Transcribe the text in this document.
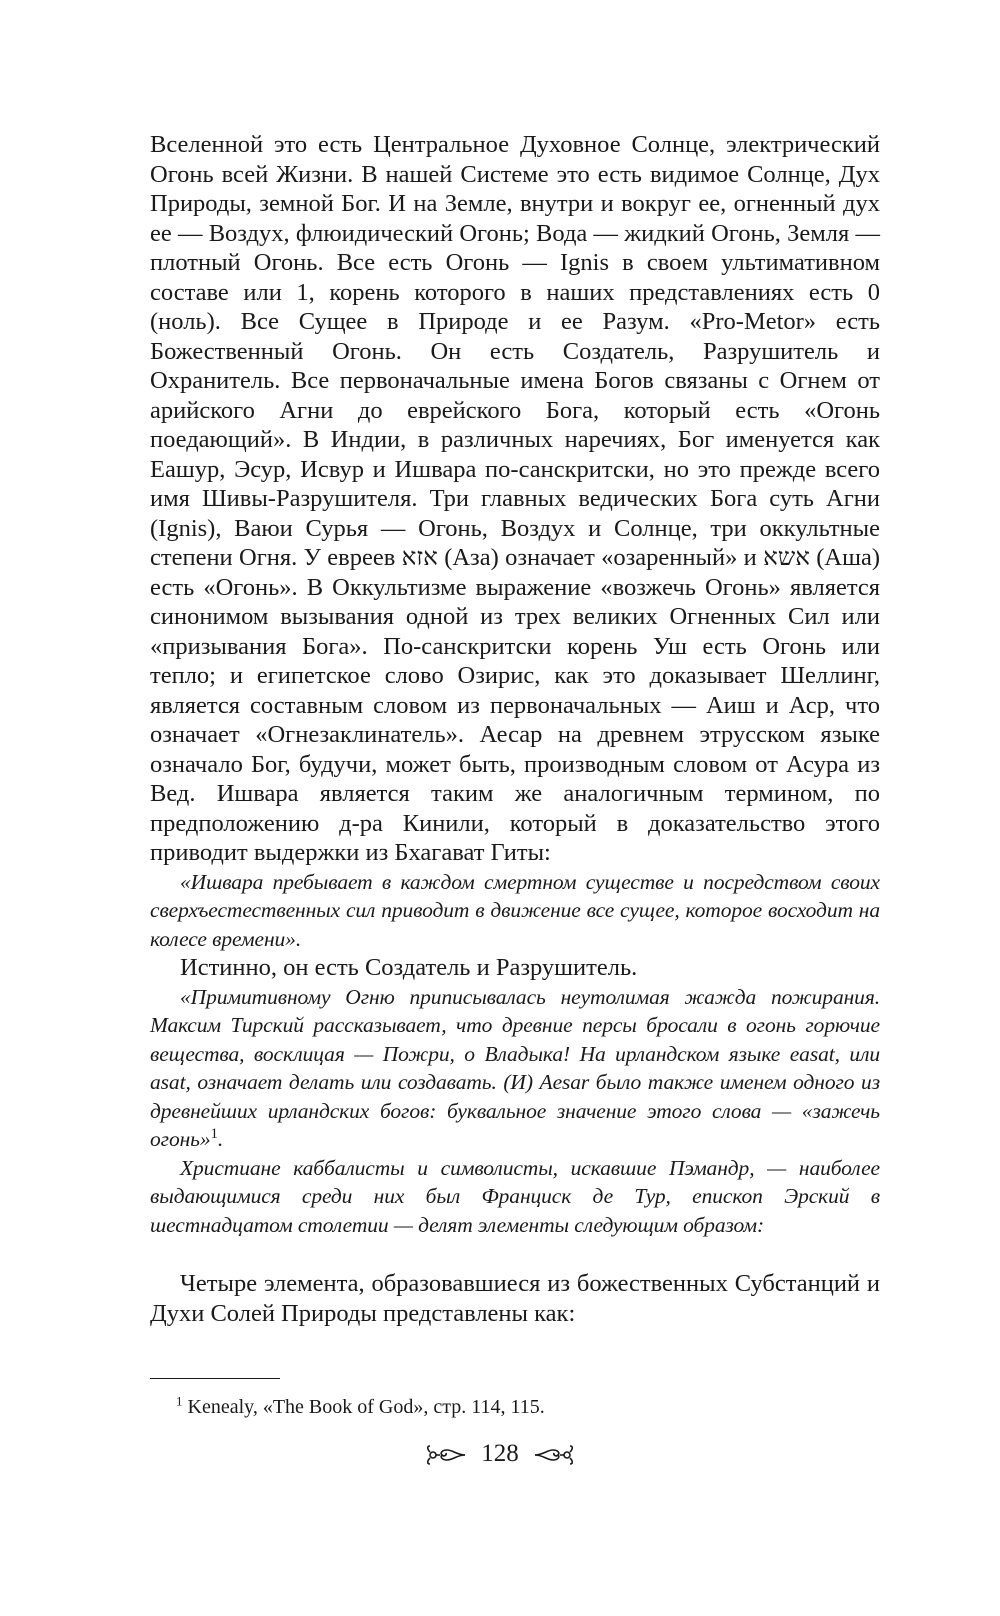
Вселенной это есть Центральное Духовное Солнце, электрический Огонь всей Жизни. В нашей Системе это есть видимое Солнце, Дух Природы, земной Бог. И на Земле, внутри и вокруг ее, огненный дух ее — Воздух, флюидический Огонь; Вода — жидкий Огонь, Земля — плотный Огонь. Все есть Огонь — Ignis в своем ультимативном составе или 1, корень которого в наших представлениях есть 0 (ноль). Все Сущее в Природе и ее Разум. «Pro-Metor» есть Божественный Огонь. Он есть Создатель, Разрушитель и Охранитель. Все первоначальные имена Богов связаны с Огнем от арийского Агни до еврейского Бога, который есть «Огонь поедающий». В Индии, в различных наречиях, Бог именуется как Еашур, Эсур, Исвур и Ишвара по-санскритски, но это прежде всего имя Шивы-Разрушителя. Три главных ведических Бога суть Агни (Ignis), Ваюи Сурья — Огонь, Воздух и Солнце, три оккультные степени Огня. У евреев אזא (Аза) означает «озаренный» и אשא (Аша) есть «Огонь». В Оккультизме выражение «возжечь Огонь» является синонимом вызывания одной из трех великих Огненных Сил или «призывания Бога». По-санскритски корень Уш есть Огонь или тепло; и египетское слово Озирис, как это доказывает Шеллинг, является составным словом из первоначальных — Аиш и Аср, что означает «Огнезаклинатель». Аесар на древнем этрусском языке означало Бог, будучи, может быть, производным словом от Асура из Вед. Ишвара является таким же аналогичным термином, по предположению д-ра Кинили, который в доказательство этого приводит выдержки из Бхагават Гиты:

«Ишвара пребывает в каждом смертном существе и посредством своих сверхъестественных сил приводит в движение все сущее, которое восходит на колесе времени».

Истинно, он есть Создатель и Разрушитель.

«Примитивному Огню приписывалась неутолимая жажда пожирания. Максим Тирский рассказывает, что древние персы бросали в огонь горючие вещества, восклицая — Пожри, о Владыка! На ирландском языке easat, или asat, означает делать или создавать. (И) Aesar было также именем одного из древнейших ирландских богов: буквальное значение этого слова — «зажечь огонь»$^1$.

Христиане каббалисты и символисты, искавшие Пэмандр, — наиболее выдающимися среди них был Франциск де Тур, епископ Эрский в шестнадцатом столетии — делят элементы следующим образом:

Четыре элемента, образовавшиеся из божественных Субстанций и Духи Солей Природы представлены как:

$^1$ Kenealy, «The Book of God», стр. 114, 115.
128
